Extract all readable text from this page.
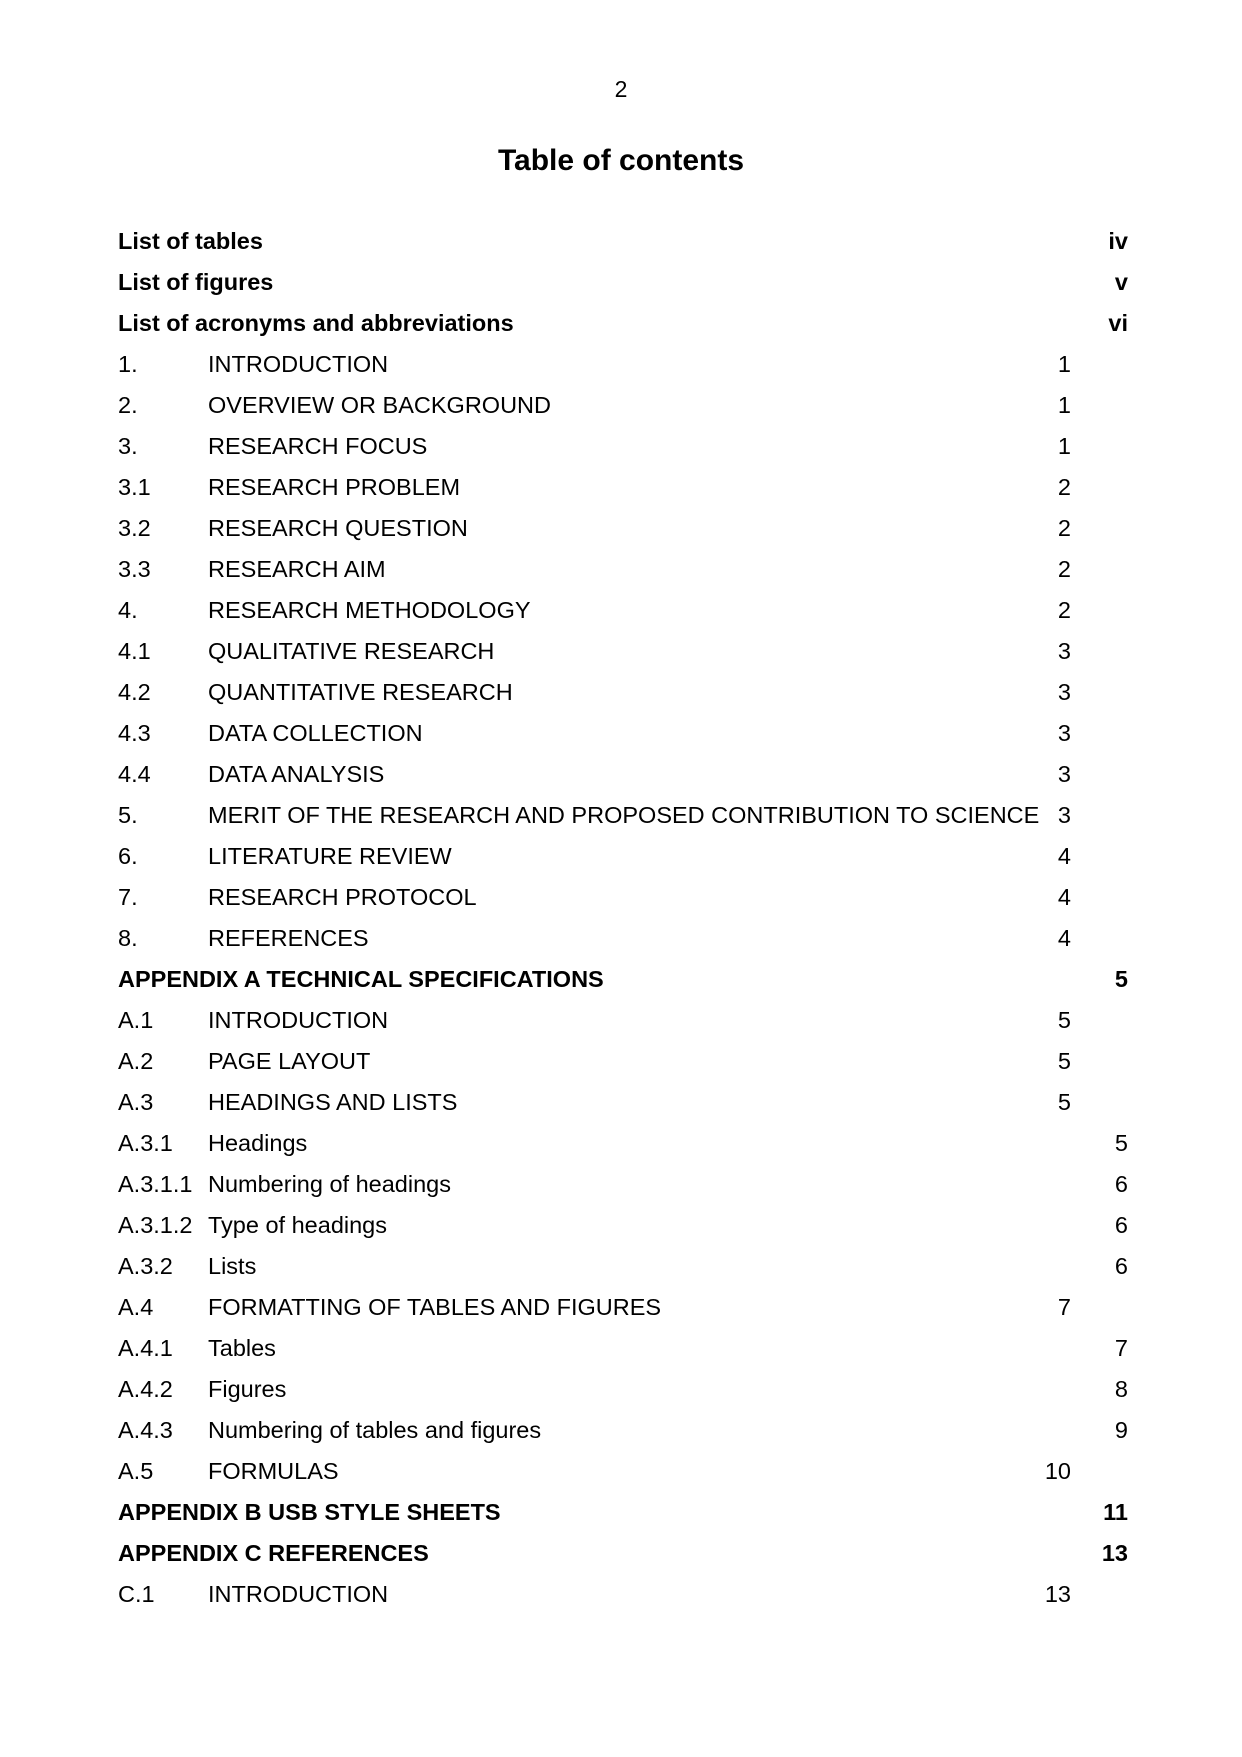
2
Table of contents
List of tables	iv
List of figures	v
List of acronyms and abbreviations	vi
1.	INTRODUCTION	1
2.	OVERVIEW OR BACKGROUND	1
3.	RESEARCH FOCUS	1
3.1 RESEARCH PROBLEM	2
3.2 RESEARCH QUESTION	2
3.3 RESEARCH AIM	2
4.	RESEARCH METHODOLOGY	2
4.1 QUALITATIVE RESEARCH	3
4.2 QUANTITATIVE RESEARCH	3
4.3 DATA COLLECTION	3
4.4 DATA ANALYSIS	3
5.	MERIT OF THE RESEARCH AND PROPOSED CONTRIBUTION TO SCIENCE 3
6.	LITERATURE REVIEW	4
7.	RESEARCH PROTOCOL	4
8.	REFERENCES	4
APPENDIX A TECHNICAL SPECIFICATIONS	5
A.1 INTRODUCTION	5
A.2 PAGE LAYOUT	5
A.3 HEADINGS AND LISTS	5
A.3.1 Headings	5
A.3.1.1 Numbering of headings	6
A.3.1.2 Type of headings	6
A.3.2 Lists	6
A.4 FORMATTING OF TABLES AND FIGURES	7
A.4.1 Tables	7
A.4.2 Figures	8
A.4.3 Numbering of tables and figures	9
A.5 FORMULAS	10
APPENDIX B USB STYLE SHEETS	11
APPENDIX C REFERENCES	13
C.1 INTRODUCTION	13
